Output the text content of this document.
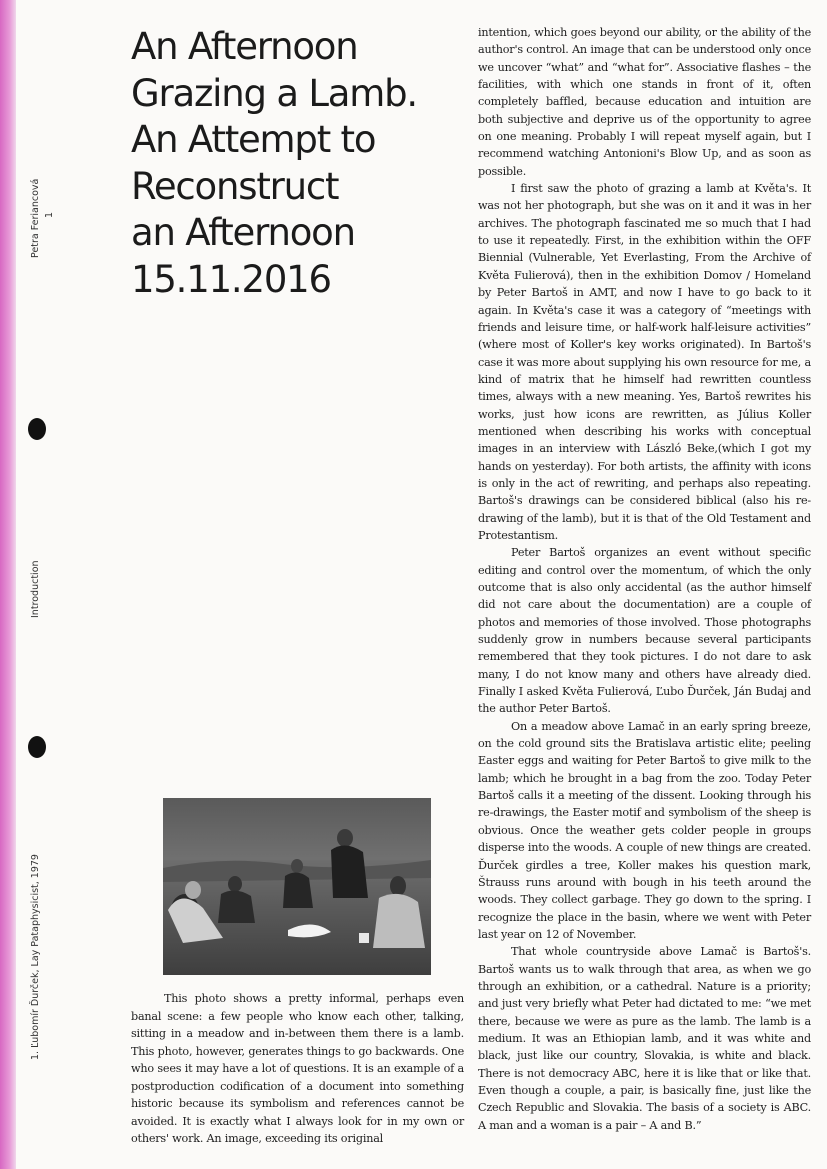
Petra Feriancová 1
Introduction
1. Ľubomír Ďurček, Lay Pataphysicist, 1979
An Afternoon
Grazing a Lamb.
An Attempt to
Reconstruct
an Afternoon
15.11.2016

This photo shows a pretty informal, perhaps even banal scene: a few people who know each other, talking, sitting in a meadow and in-between them there is a lamb. This photo, however, generates things to go backwards. One who sees it may have a lot of questions. It is an example of a postproduction codification of a document into something historic because its symbolism and references cannot be avoided. It is exactly what I always look for in my own or others' work. An image, exceeding its original

intention, which goes beyond our ability, or the ability of the author's control. An image that can be understood only once we uncover “what” and “what for”. Associative flashes – the facilities, with which one stands in front of it, often completely baffled, because education and intuition are both subjective and deprive us of the opportunity to agree on one meaning. Probably I will repeat myself again, but I recommend watching Antonioni's Blow Up, and as soon as possible.

I first saw the photo of grazing a lamb at Květa's. It was not her photograph, but she was on it and it was in her archives. The photograph fascinated me so much that I had to use it repeatedly. First, in the exhibition within the OFF Biennial (Vulnerable, Yet Everlasting, From the Archive of Květa Fulierová), then in the exhibition Domov / Homeland by Peter Bartoš in AMT, and now I have to go back to it again. In Květa's case it was a category of “meetings with friends and leisure time, or half-work half-leisure activities” (where most of Koller's key works originated). In Bartoš's case it was more about supplying his own resource for me, a kind of matrix that he himself had rewritten countless times, always with a new meaning. Yes, Bartoš rewrites his works, just how icons are rewritten, as Július Koller mentioned when describing his works with conceptual images in an interview with László Beke,(which I got my hands on yesterday). For both artists, the affinity with icons is only in the act of rewriting, and perhaps also repeating. Bartoš's drawings can be considered biblical (also his re-drawing of the lamb), but it is that of the Old Testament and Protestantism.

Peter Bartoš organizes an event without specific editing and control over the momentum, of which the only outcome that is also only accidental (as the author himself did not care about the documentation) are a couple of photos and memories of those involved. Those photographs suddenly grow in numbers because several participants remembered that they took pictures. I do not dare to ask many, I do not know many and others have already died. Finally I asked Květa Fulierová, Ľubo Ďurček, Ján Budaj and the author Peter Bartoš.

On a meadow above Lamač in an early spring breeze, on the cold ground sits the Bratislava artistic elite; peeling Easter eggs and waiting for Peter Bartoš to give milk to the lamb; which he brought in a bag from the zoo. Today Peter Bartoš calls it a meeting of the dissent. Looking through his re-drawings, the Easter motif and symbolism of the sheep is obvious. Once the weather gets colder people in groups disperse into the woods. A couple of new things are created. Ďurček girdles a tree, Koller makes his question mark, Štrauss runs around with bough in his teeth around the woods. They collect garbage. They go down to the spring. I recognize the place in the basin, where we went with Peter last year on 12 of November.

That whole countryside above Lamač is Bartoš's. Bartoš wants us to walk through that area, as when we go through an exhibition, or a cathedral. Nature is a priority; and just very briefly what Peter had dictated to me: “we met there, because we were as pure as the lamb. The lamb is a medium. It was an Ethiopian lamb, and it was white and black, just like our country, Slovakia, is white and black. There is not democracy ABC, here it is like that or like that. Even though a couple, a pair, is basically fine, just like the Czech Republic and Slovakia. The basis of a society is ABC. A man and a woman is a pair – A and B.”
